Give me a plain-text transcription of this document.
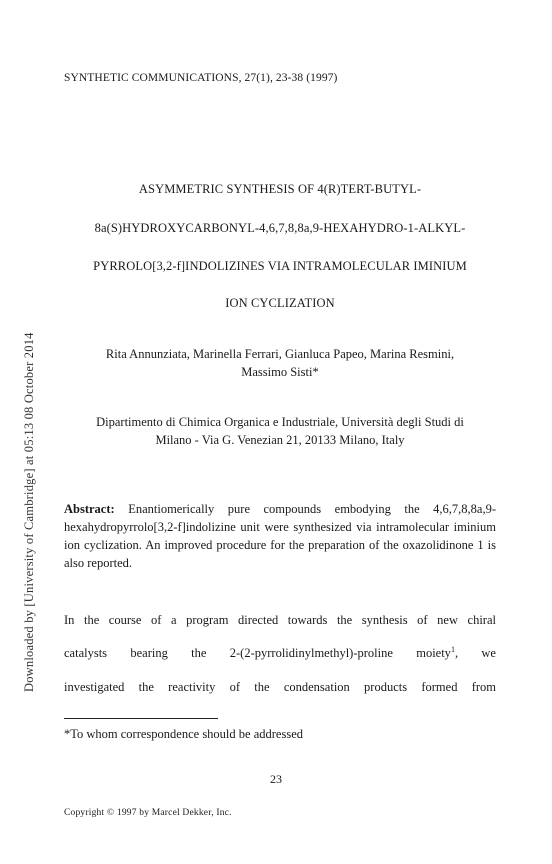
Downloaded by [University of Cambridge] at 05:13 08 October 2014
SYNTHETIC COMMUNICATIONS, 27(1), 23-38 (1997)
ASYMMETRIC SYNTHESIS OF 4(R)TERT-BUTYL-
8a(S)HYDROXYCARBONYL-4,6,7,8,8a,9-HEXAHYDRO-1-ALKYL-
PYRROLO[3,2-f]INDOLIZINES VIA INTRAMOLECULAR IMINIUM
ION CYCLIZATION
Rita Annunziata, Marinella Ferrari, Gianluca Papeo, Marina Resmini,
Massimo Sisti*
Dipartimento di Chimica Organica e Industriale, Università degli Studi di
Milano - Via G. Venezian 21, 20133 Milano, Italy
Abstract: Enantiomerically pure compounds embodying the 4,6,7,8,8a,9-hexahydropyrrolo[3,2-f]indolizine unit were synthesized via intramolecular iminium ion cyclization. An improved procedure for the preparation of the oxazolidinone 1 is also reported.
In the course of a program directed towards the synthesis of new chiral
catalysts bearing the 2-(2-pyrrolidinylmethyl)-proline moiety$^1$, we
investigated the reactivity of the condensation products formed from
*To whom correspondence should be addressed
23
Copyright © 1997 by Marcel Dekker, Inc.
